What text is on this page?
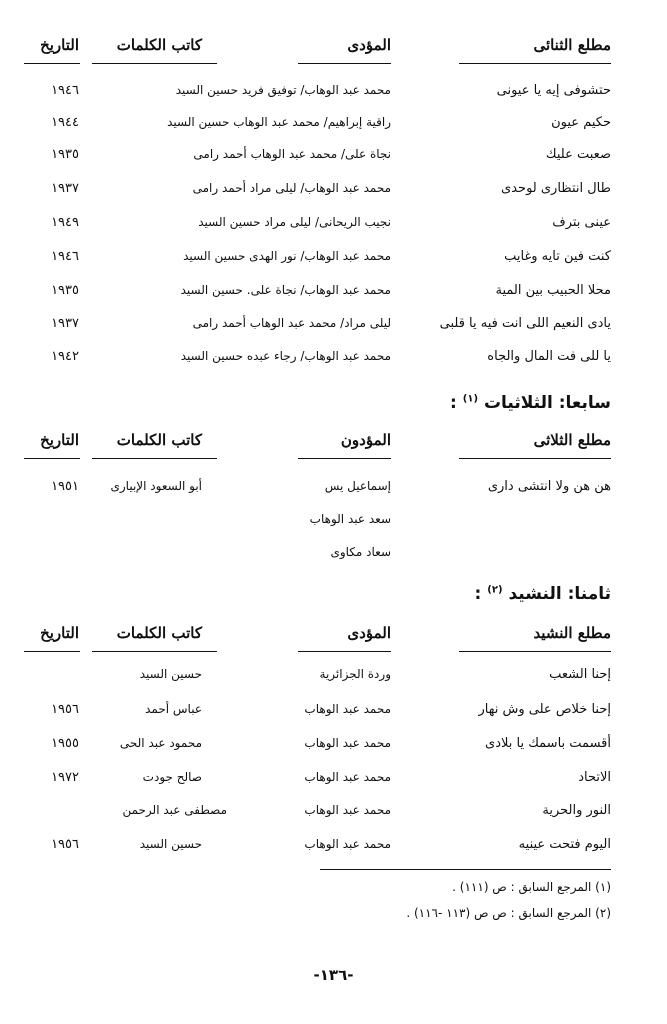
مطلع الثنائى
المؤدى
كاتب الكلمات
التاريخ
حتشوفى إيه يا عيونى
محمد عبد الوهاب/ توفيق فريد حسين السيد
١٩٤٦
حكيم عيون
راقية إبراهيم/ محمد عبد الوهاب حسين السيد
١٩٤٤
صعبت عليك
نجاة على/ محمد عبد الوهاب أحمد رامى
١٩٣٥
طال انتظارى لوحدى
محمد عبد الوهاب/ ليلى مراد أحمد رامى
١٩٣٧
عينى بترف
نجيب الريحانى/ ليلى مراد حسين السيد
١٩٤٩
كنت فين تايه وغايب
محمد عبد الوهاب/ نور الهدى حسين السيد
١٩٤٦
محلا الحبيب بين المية
محمد عبد الوهاب/ نجاة على. حسين السيد
١٩٣٥
يادى النعيم اللى انت فيه يا قلبى
ليلى مراد/ محمد عبد الوهاب أحمد رامى
١٩٣٧
يا للى فت المال والجاه
محمد عبد الوهاب/ رجاء عبده حسين السيد
١٩٤٢
سابعا: الثلاثيات $^{(١)}$ :
مطلع الثلاثى
المؤدون
كاتب الكلمات
التاريخ
هن هن ولا انتشى دارى
إسماعيل يس
أبو السعود الإبيارى
١٩٥١
سعد عبد الوهاب
سعاد مكاوى
ثامنا: النشيد $^{(٢)}$ :
مطلع النشيد
المؤدى
كاتب الكلمات
التاريخ
إحنا الشعب
وردة الجزائرية
حسين السيد
إحنا خلاص على وش نهار
محمد عبد الوهاب
عباس أحمد
١٩٥٦
أقسمت باسمك يا بلادى
محمد عبد الوهاب
محمود عبد الحى
١٩٥٥
الاتحاد
محمد عبد الوهاب
صالح جودت
١٩٧٢
النور والحرية
محمد عبد الوهاب
مصطفى عبد الرحمن
اليوم فتحت عينيه
محمد عبد الوهاب
حسين السيد
١٩٥٦
(١) المرجع السابق : ص (١١١) .
(٢) المرجع السابق : ص ص (١١٣ -١١٦) .
-١٣٦-
